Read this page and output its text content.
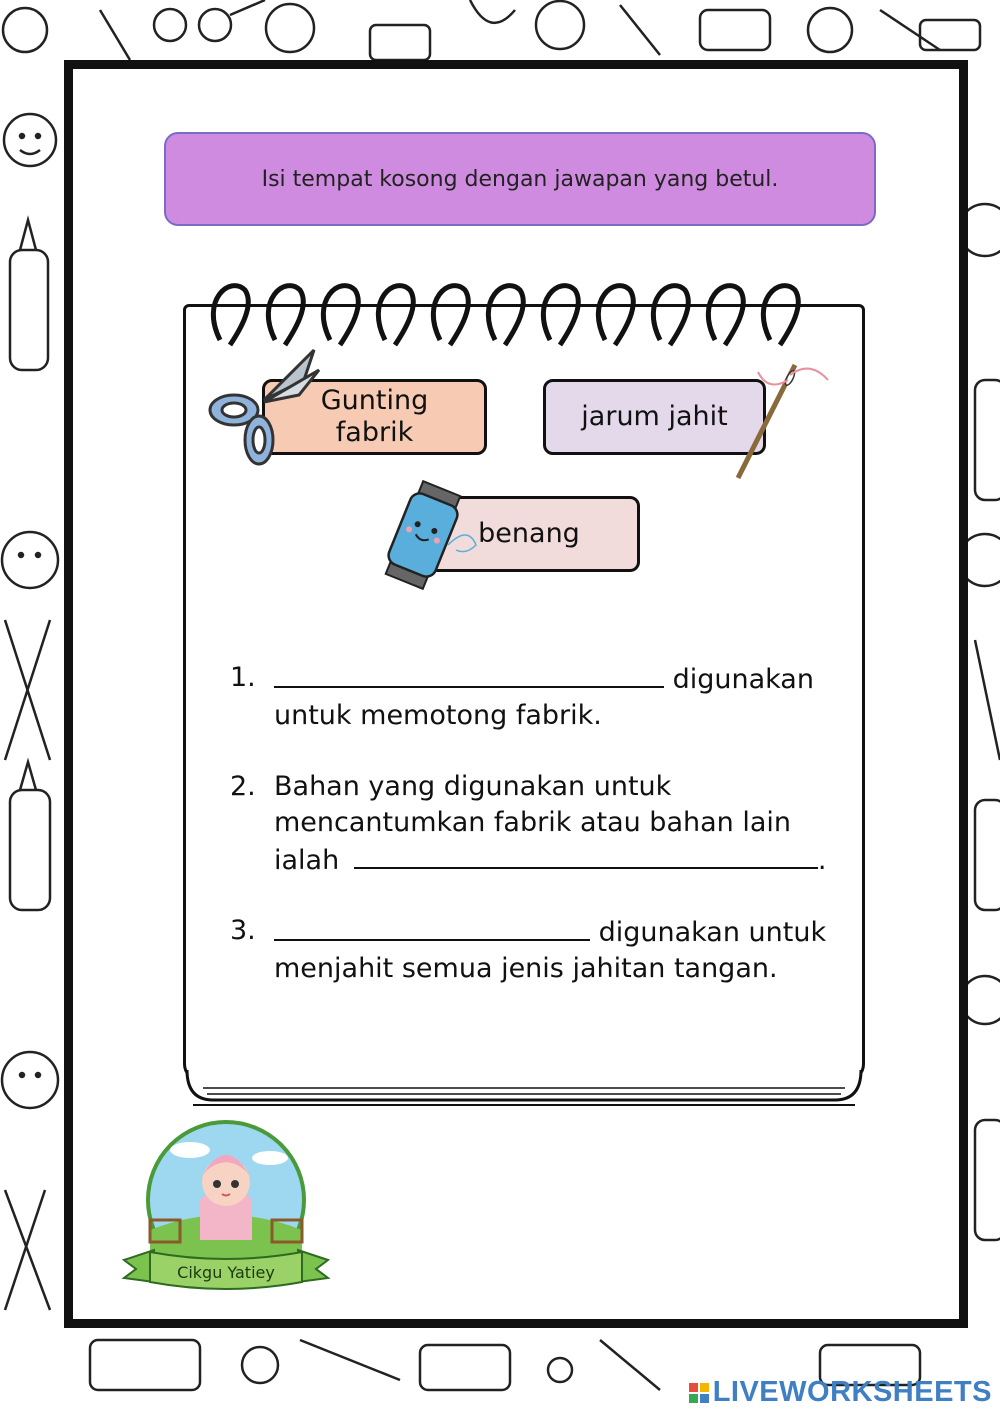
Isi tempat kosong dengan jawapan yang betul.
Gunting
fabrik
jarum jahit
benang
1.	digunakan
untuk memotong fabrik.
2. Bahan yang digunakan untuk
mencantumkan fabrik atau bahan lain
ialah	.
3.	digunakan untuk
menjahit semua jenis jahitan tangan.
Cikgu Yatiey
LIVEWORKSHEETS
